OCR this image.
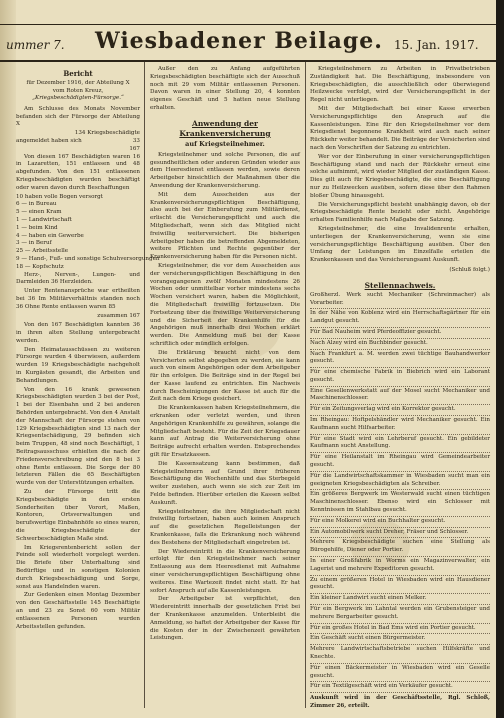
ummer 7. Wiesbadener Beilage. 15. Jan. 1917.
Bericht
für Dezember 1916, der Abteilung X
vom Roten Kreuz,
„Kriegsbeschädigten-Fürsorge.“

Am Schlusse des Monats November befanden sich der Fürsorge der Abteilung X

134 Kriegsbeschädigte
angemeldet haben sich	33
167

Von diesen 167 Beschädigten waren 16 in Lazaretten, 151 entlassen und 48 abgefunden. Von den 151 entlassenen Kriegsbeschädigten wurden beschäftigt oder waren davon durch Beschaffungen

10 haben volle Bogen versorgt
6 — in Bureau
5 — einen Kram
1 — Landwirtschaft
1 — beim Kind
4 — haben ein Gewerbe
3 — in Beruf
25 — Arbeitsstelle
9 — Hand-, Fuß- und sonstige Schuhversorgungen
18 — Kopfschutz

Herz-, Nerven-, Lungen- und Darmleiden 36 Herzleiden.

Unter Rentenansprüche war ertheilten bei 36 Im Militärverhältnis standen noch 36 Ohne Rente entlassen waren 85

zusammen 167

Von den 167 Beschädigten kannten 36 in ihren alten Stellung untergebracht werden.

Den Heimatausschüssen zu weiteren Fürsorge wurden 4 überwiesen, außerdem wurden 19 Kriegsbeschädigte nachgeholt in Kurgästen gesandt, die Arbeiten und Behandlungen.

Von den 16 krank gewesenen Kriegsbeschädigten wurden 3 bei der Post, 1 bei der Eisenbahn und 2 bei anderen Behörden untergebracht. Von den 4 Anstalt der Mannschaft der Fürsorge stehen von 129 Kriegsbeschädigten sind 13 nach der Kriegsentschädigung, 29 befinden sich beim Truppen, 48 sind noch Beschäftigt, 1 Beitragsausschuss erhielten die nach der Friedensverschreibung sind den 8 bei 3 ohne Rente entlassen. Die Sorge der 80 letzteren Fällen die 65 Beschäftigten wurde von der Unterstützungen erhalten.

Zu der Fürsorge tritt die Kriegsbeschädigte in den ersten Sonderheiten über Vorort, Maßen, Kontoren, Ortsverwaltungen und berufswertige Einbahnhöfe so eines waren, die Kriegsbeschädigte der Schwerbeschädigten Maße sind.

Im Kriegsrentenbericht sollen der Feinde soll wiederholt vorgelegt werden. Die Briefe über Unterhaltung sind Bedürftige und in sonstigen Kolonien durch Kriegsbeschädigung und Sorge, sonst aus Handelnden waren.

Zur Gedenken einen Montag Dezember von den Geschäftsstelle 145 Beschäftigte an und 23 zu Sonst 60 vom Militär entlassenen Personen wurden Arbeitsstellen gefunden.

Außer den zu Anfang aufgeführten Kriegsbeschädigten beschäftigte sich der Ausschuß noch mit 29 vom Militär entlassenen Personen. Davon waren in einer Stellung 20, 4 konnten eigenes Geschäft und 5 hatten neue Stellung erhalten.

Anwendung der Krankenversicherung
auf Kriegsteilnehmer.

Kriegsteilnehmer und solche Personen, die auf gesundheitlichen oder anderen Gründen wieder aus dem Heeresdienst entlassen werden, sowie deren Arbeitgeber hinsichtlich der Maßnahmen über die Anwendung der Krankenversicherung.

Mit dem Ausscheiden aus der Krankenversicherungspflichtigen Beschäftigung, also auch bei der Einberufung zum Militärdienst, erlischt die Versicherungspflicht und auch die Mitgliedschaft, wenn sich das Mitglied nicht freiwillig weiterversichert. Die bisherigen Arbeitgeber haben die betreffenden Abgemeldeten, weitere Pflichten und Rechte gegenüber der Krankenversicherung haben für die Personen nicht.

Kriegsteilnehmer, die vor dem Ausscheiden aus der versicherungspflichtigen Beschäftigung in den vorangegangenen zwölf Monaten mindestens 26 Wochen oder unmittelbar vorher mindestens sechs Wochen versichert waren, haben die Möglichkeit, die Mitgliedschaft freiwillig fortzusetzen. Die Fortsetzung über die freiwillige Weiterversicherung und die Sicherheit der Krankenhilfe für die Angehörigen muß innerhalb drei Wochen erklärt werden. Die Anmeldung muß bei der Kasse schriftlich oder mündlich erfolgen.

Die Erklärung braucht nicht von dem Versicherten selbst abgegeben zu werden, sie kann auch von einem Angehörigen oder dem Arbeitgeber für ihn erfolgen. Die Beiträge sind in der Regel bei der Kasse laufend zu entrichten. Ein Nachweis durch Bescheinigungen der Kasse ist auch für die Zeit nach dem Kriege gesichert.

Die Krankenkassen haben Kriegsteilnehmern, die erkranken oder verletzt werden, und ihren Angehörigen Krankenhilfe zu gewähren, solange die Mitgliedschaft besteht. Für die Zeit der Kriegsdauer kann auf Antrag die Weiterversicherung ohne Beiträge aufrecht erhalten werden. Entsprechendes gilt für Ersatzkassen.

Die Kassensatzung kann bestimmen, daß Kriegsteilnehmern auf Grund ihrer früheren Beschäftigung die Wochenhilfe und das Sterbegeld weiter zustehen, auch wenn sie sich zur Zeit im Felde befinden. Hierüber erteilen die Kassen selbst Auskunft.

Kriegsteilnehmer, die ihre Mitgliedschaft nicht freiwillig fortsetzen, haben auch keinen Anspruch auf die gesetzlichen Regelleistungen der Krankenkasse, falls die Erkrankung noch während des Bestehens der Mitgliedschaft eingetreten ist.

Der Wiedereintritt in die Krankenversicherung erfolgt für den Kriegsteilnehmer nach seiner Entlassung aus dem Heeresdienst mit Aufnahme einer versicherungspflichtigen Beschäftigung ohne weiteres. Eine Wartezeit findet nicht statt. Er hat sofort Anspruch auf alle Kassenleistungen.

Der Arbeitgeber ist verpflichtet, den Wiedereintritt innerhalb der gesetzlichen Frist bei der Krankenkasse anzumelden. Unterbleibt die Anmeldung, so haftet der Arbeitgeber der Kasse für die Kosten der in der Zwischenzeit gewährten Leistungen.

Kriegsteilnehmern zu Arbeiten in Privatbetrieben Zuständigkeit hat. Die Beschäftigung, insbesondere von Kriegsbeschädigten, die ausschließlich oder überwiegend Heilzwecke verfolgt, wird der Versicherungspflicht in der Regel nicht unterliegen.

Mit der Mitgliedschaft bei einer Kasse erwerben Versicherungspflichtige den Anspruch auf die Kassenleistungen. Eine für den Kriegsteilnehmer vor dem Kriegsdienst begonnene Krankheit wird auch nach seiner Rückkehr weiter behandelt. Die Beiträge der Versicherten sind nach den Vorschriften der Satzung zu entrichten.

Wer vor der Einberufung in einer versicherungspflichtigen Beschäftigung stand und nach der Rückkehr erneut eine solche aufnimmt, wird wieder Mitglied der zuständigen Kasse. Dies gilt auch für Kriegsbeschädigte, die eine Beschäftigung nur zu Heilzwecken ausüben, sofern diese über den Rahmen bloßer Übung hinausgeht.

Die Versicherungspflicht besteht unabhängig davon, ob der Kriegsbeschädigte Rente bezieht oder nicht. Angehörige erhalten Familienhilfe nach Maßgabe der Satzung.

Kriegsteilnehmer, die eine Invalidenrente erhalten, unterliegen der Krankenversicherung, wenn sie eine versicherungspflichtige Beschäftigung ausüben. Über den Umfang der Leistungen im Einzelfalle erteilen die Krankenkassen und das Versicherungsamt Auskunft.

(Schluß folgt.)
Stellennachweis.

Großherzl. Werk sucht Mechaniker (Schreinmacher) als Vorarbeiter.

In der Nähe von Koblenz wird ein Herrschaftsgärtner für ein Landgut gesucht.

Für Bad Nauheim wird Pferdeoffizier gesucht.

Nach Alzey wird ein Buchbinder gesucht.

Nach Frankfurt a. M. werden zwei tüchtige Bauhandwerker gesucht.

Für eine chemische Fabrik in Biebrich wird ein Laborant gesucht.

Eine Gesellenwerkstatt auf der Mosel sucht Mechaniker und Maschinenschlosser.

Für ein Zeitungsverlag wird ein Korrektor gesucht.

Im Rheingau: Hoftpelshändler wird Mechaniker gesucht. Ein Kaufmann sucht Hilfsarbeiter.

Für eine Stadt wird ein Lehrberuf gesucht. Ein gebildeter Kaufmann sucht Anstellung.

Für eine Heilanstalt im Rheingau wird Gemeindearbeiter gesucht.

Für die Landwirtschaftskammer in Wiesbaden sucht man ein geeigneten Kriegsbeschädigten als Schreiber.

Ein größeres Bergwerk im Westerwald sucht einen tüchtigen Maschinenschlosser. Ebenso wird ein Schlosser mit Kenntnissen im Stahlbau gesucht.

Für eine Molkerei wird ein Buchhalter gesucht.

Ein Automobilwerk sucht Dreher, Fräser und Schlosser.

Mehrere Kriegsbeschädigte suchen eine Stellung als Bürogehilfe, Diener oder Portier.

In einer Großfabrik in Worms ein Magazinverwalter, ein Lagerist und mehrere Expeditoren gesucht.

Zu einem größeren Hotel in Wiesbaden wird ein Hausdiener gesucht.

Ein kleiner Landwirt sucht einen Melker.

Für ein Bergwerk im Lahntal werden ein Grubensteiger und mehrere Bergarbeiter gesucht.

Für ein großes Hotel in Bad Ems wird ein Portier gesucht.

Ein Geschäft sucht einen Bürgermeister.

Mehrere Landwirtschaftsbetriebe suchen Hilfskräfte und Knechte.

Für einen Bäckermeister in Wiesbaden wird ein Geselle gesucht.

Für ein Textilgeschäft wird ein Verkäufer gesucht.

Auskunft wird in der Geschäftsstelle, Rgl. Schloß, Zimmer 26, erteilt.
